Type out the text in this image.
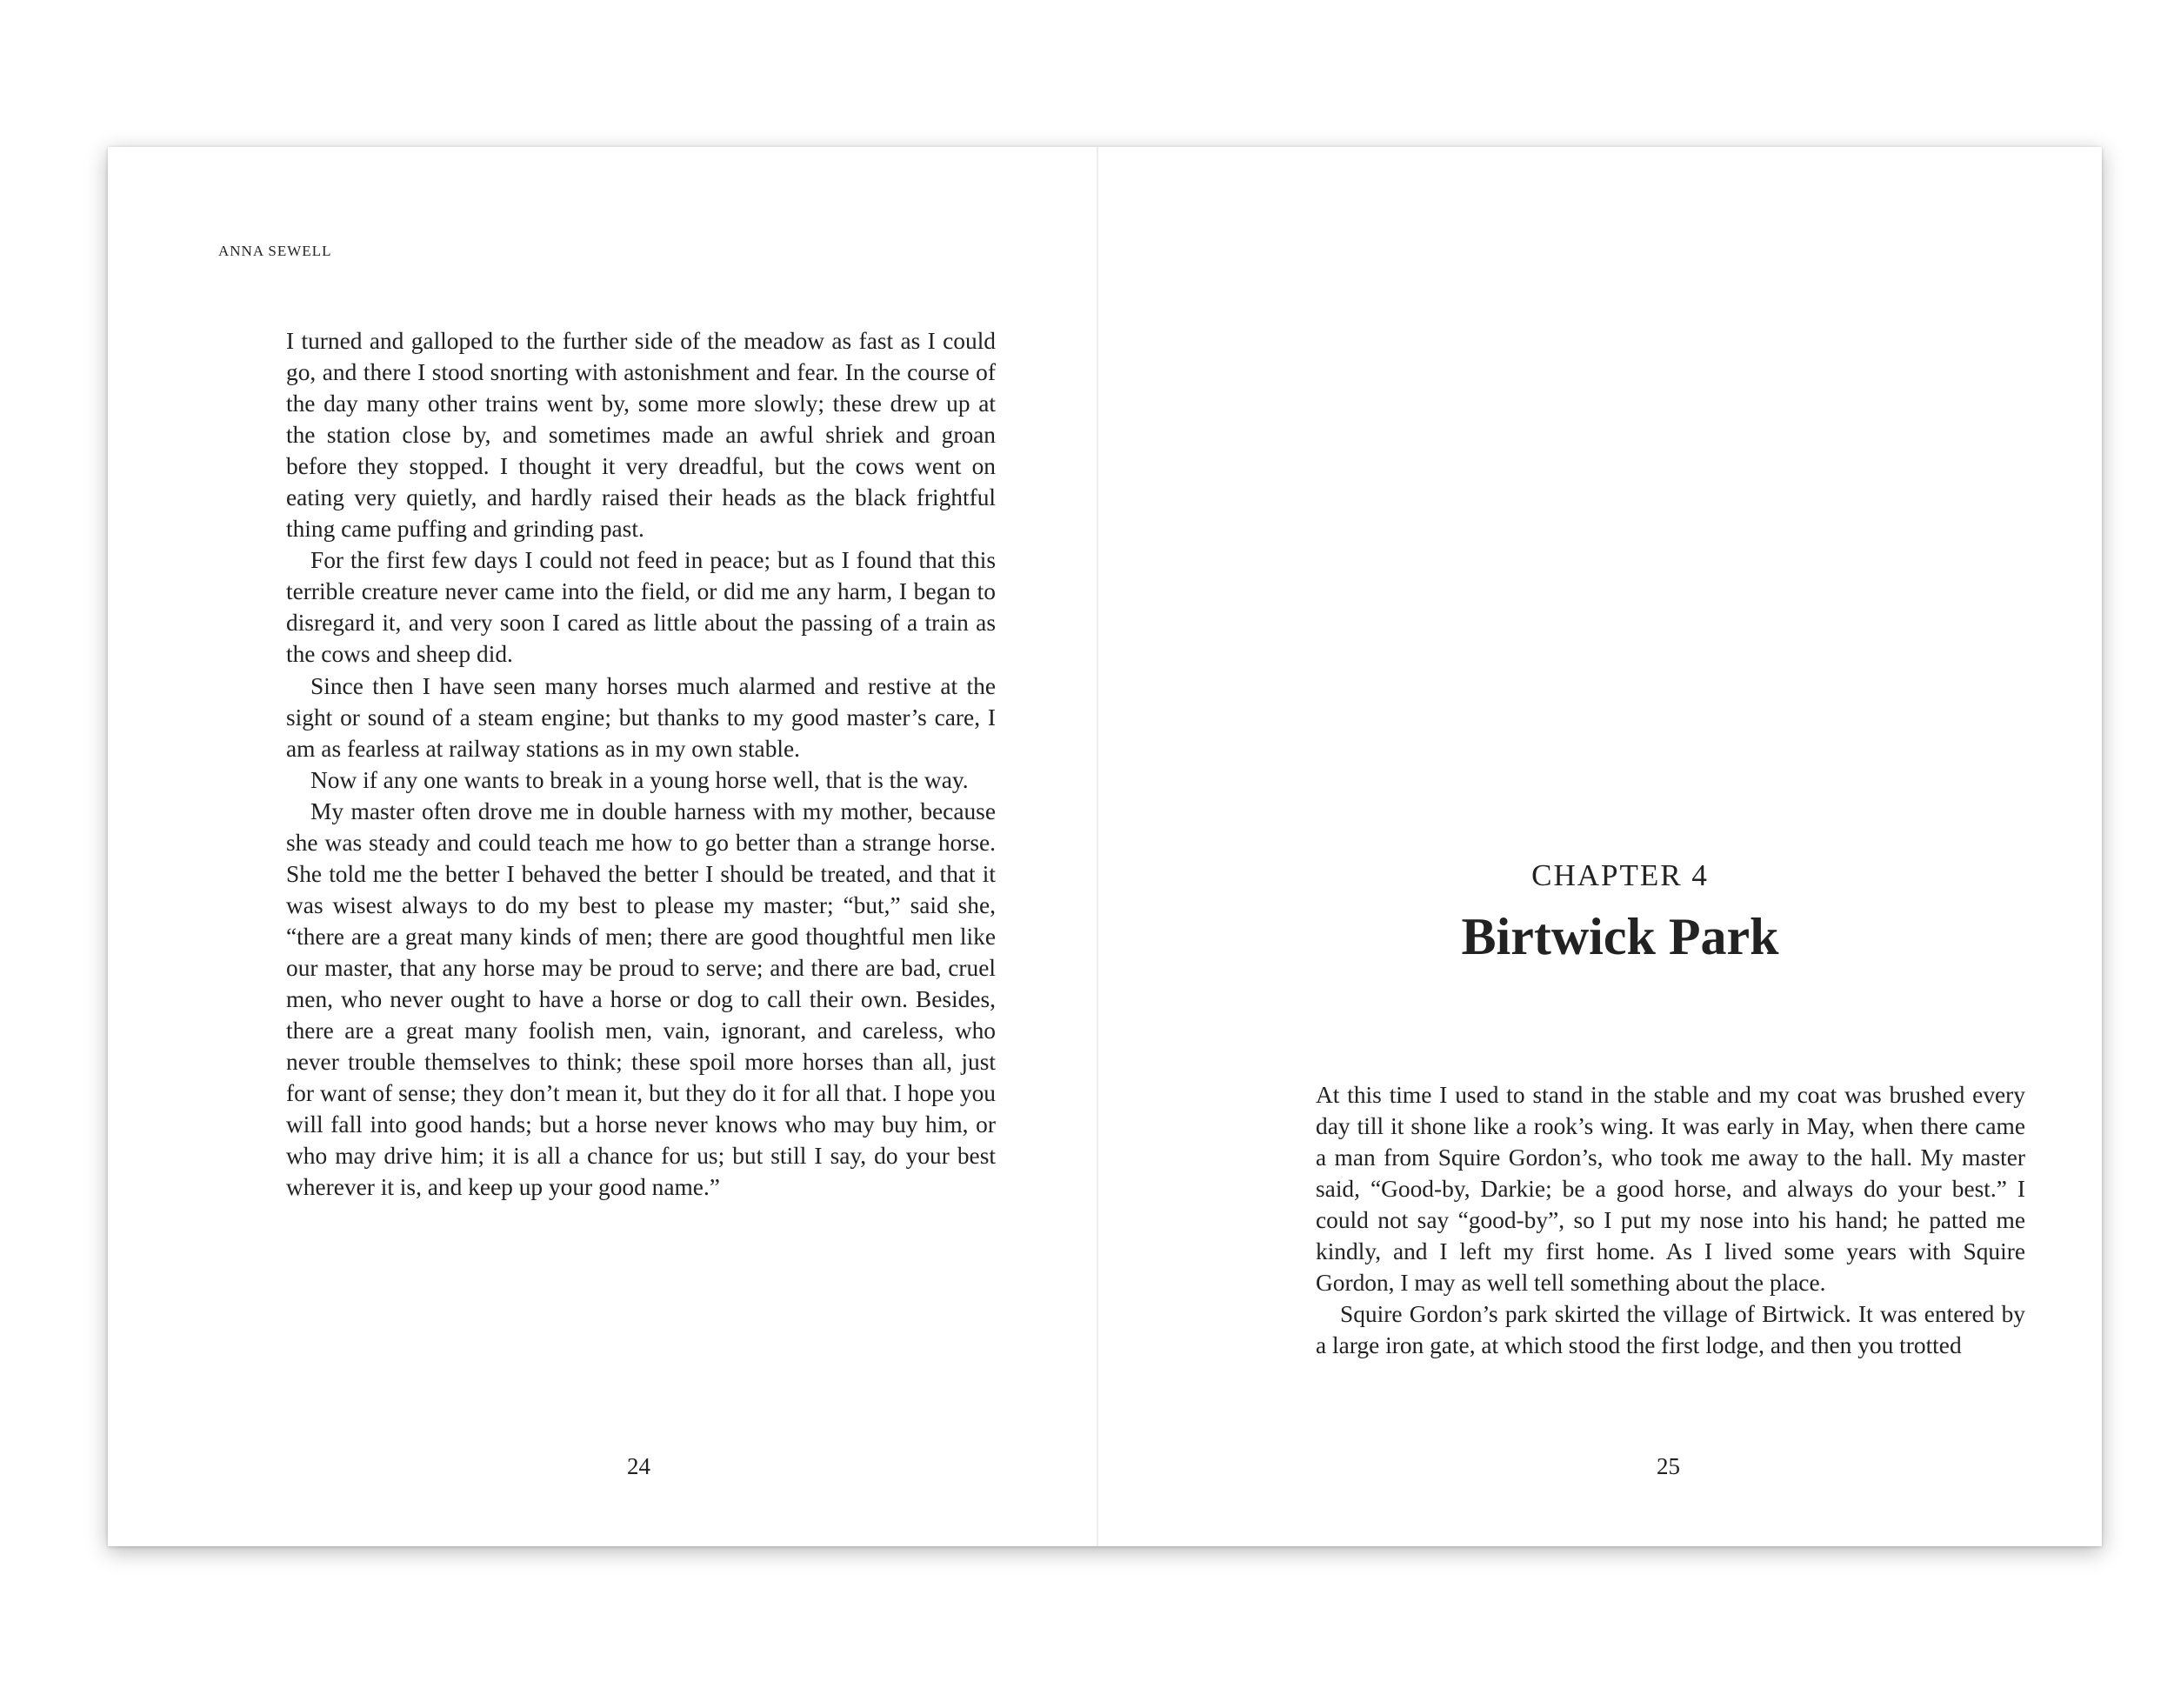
ANNA SEWELL

I turned and galloped to the further side of the meadow as fast as I could go, and there I stood snorting with astonishment and fear. In the course of the day many other trains went by, some more slowly; these drew up at the station close by, and sometimes made an awful shriek and groan before they stopped. I thought it very dreadful, but the cows went on eating very quietly, and hardly raised their heads as the black frightful thing came puffing and grinding past.

For the first few days I could not feed in peace; but as I found that this terrible creature never came into the field, or did me any harm, I began to disregard it, and very soon I cared as little about the passing of a train as the cows and sheep did.

Since then I have seen many horses much alarmed and restive at the sight or sound of a steam engine; but thanks to my good master’s care, I am as fearless at railway stations as in my own stable.

Now if any one wants to break in a young horse well, that is the way.

My master often drove me in double harness with my mother, because she was steady and could teach me how to go better than a strange horse. She told me the better I behaved the better I should be treated, and that it was wisest always to do my best to please my master; “but,” said she, “there are a great many kinds of men; there are good thoughtful men like our master, that any horse may be proud to serve; and there are bad, cruel men, who never ought to have a horse or dog to call their own. Besides, there are a great many foolish men, vain, ignorant, and careless, who never trouble themselves to think; these spoil more horses than all, just for want of sense; they don’t mean it, but they do it for all that. I hope you will fall into good hands; but a horse never knows who may buy him, or who may drive him; it is all a chance for us; but still I say, do your best wherever it is, and keep up your good name.”

24
CHAPTER 4
Birtwick Park

At this time I used to stand in the stable and my coat was brushed every day till it shone like a rook’s wing. It was early in May, when there came a man from Squire Gordon’s, who took me away to the hall. My master said, “Good-by, Darkie; be a good horse, and always do your best.” I could not say “good-by”, so I put my nose into his hand; he patted me kindly, and I left my first home. As I lived some years with Squire Gordon, I may as well tell something about the place.

Squire Gordon’s park skirted the village of Birtwick. It was entered by a large iron gate, at which stood the first lodge, and then you trotted

25
